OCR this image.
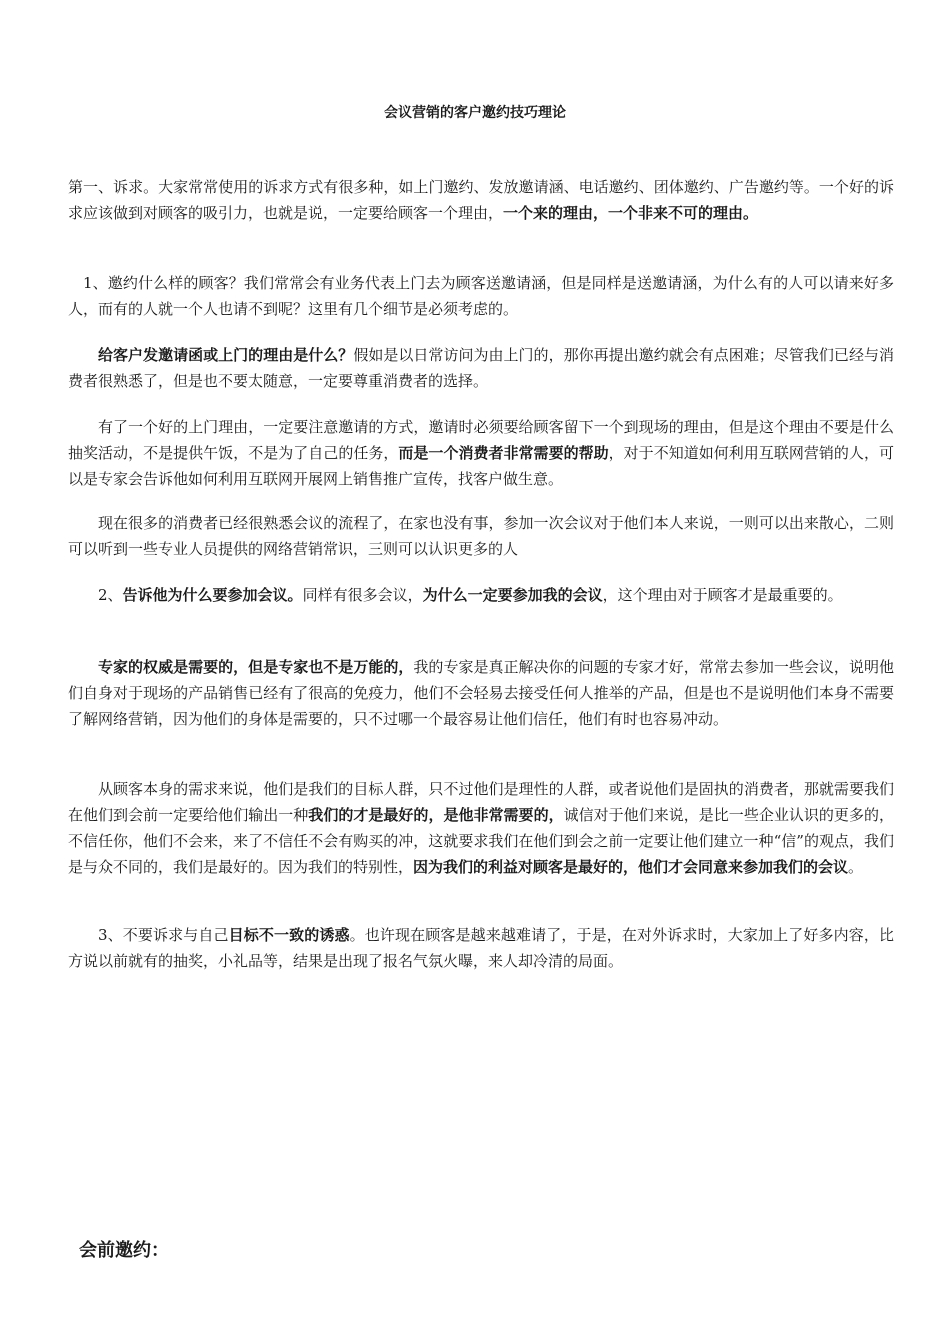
会议营销的客户邀约技巧理论

第一、诉求。大家常常使用的诉求方式有很多种，如上门邀约、发放邀请涵、电话邀约、团体邀约、广告邀约等。一个好的诉求应该做到对顾客的吸引力，也就是说，一定要给顾客一个理由，一个来的理由，一个非来不可的理由。

1、邀约什么样的顾客？我们常常会有业务代表上门去为顾客送邀请涵，但是同样是送邀请涵，为什么有的人可以请来好多人，而有的人就一个人也请不到呢？这里有几个细节是必须考虑的。

给客户发邀请函或上门的理由是什么？假如是以日常访问为由上门的，那你再提出邀约就会有点困难；尽管我们已经与消费者很熟悉了，但是也不要太随意，一定要尊重消费者的选择。

有了一个好的上门理由，一定要注意邀请的方式，邀请时必须要给顾客留下一个到现场的理由，但是这个理由不要是什么抽奖活动，不是提供午饭，不是为了自己的任务，而是一个消费者非常需要的帮助，对于不知道如何利用互联网营销的人，可以是专家会告诉他如何利用互联网开展网上销售推广宣传，找客户做生意。

现在很多的消费者已经很熟悉会议的流程了，在家也没有事，参加一次会议对于他们本人来说，一则可以出来散心，二则可以听到一些专业人员提供的网络营销常识，三则可以认识更多的人

2、告诉他为什么要参加会议。同样有很多会议，为什么一定要参加我的会议，这个理由对于顾客才是最重要的。

专家的权威是需要的，但是专家也不是万能的，我的专家是真正解决你的问题的专家才好，常常去参加一些会议，说明他们自身对于现场的产品销售已经有了很高的免疫力，他们不会轻易去接受任何人推举的产品，但是也不是说明他们本身不需要了解网络营销，因为他们的身体是需要的，只不过哪一个最容易让他们信任，他们有时也容易冲动。

从顾客本身的需求来说，他们是我们的目标人群，只不过他们是理性的人群，或者说他们是固执的消费者，那就需要我们在他们到会前一定要给他们输出一种我们的才是最好的，是他非常需要的，诚信对于他们来说，是比一些企业认识的更多的，不信任你，他们不会来，来了不信任不会有购买的冲，这就要求我们在他们到会之前一定要让他们建立一种“信”的观点，我们是与众不同的，我们是最好的。因为我们的特别性，因为我们的利益对顾客是最好的，他们才会同意来参加我们的会议。

3、不要诉求与自己目标不一致的诱惑。也许现在顾客是越来越难请了，于是，在对外诉求时，大家加上了好多内容，比方说以前就有的抽奖，小礼品等，结果是出现了报名气氛火曝，来人却冷清的局面。

会前邀约：
